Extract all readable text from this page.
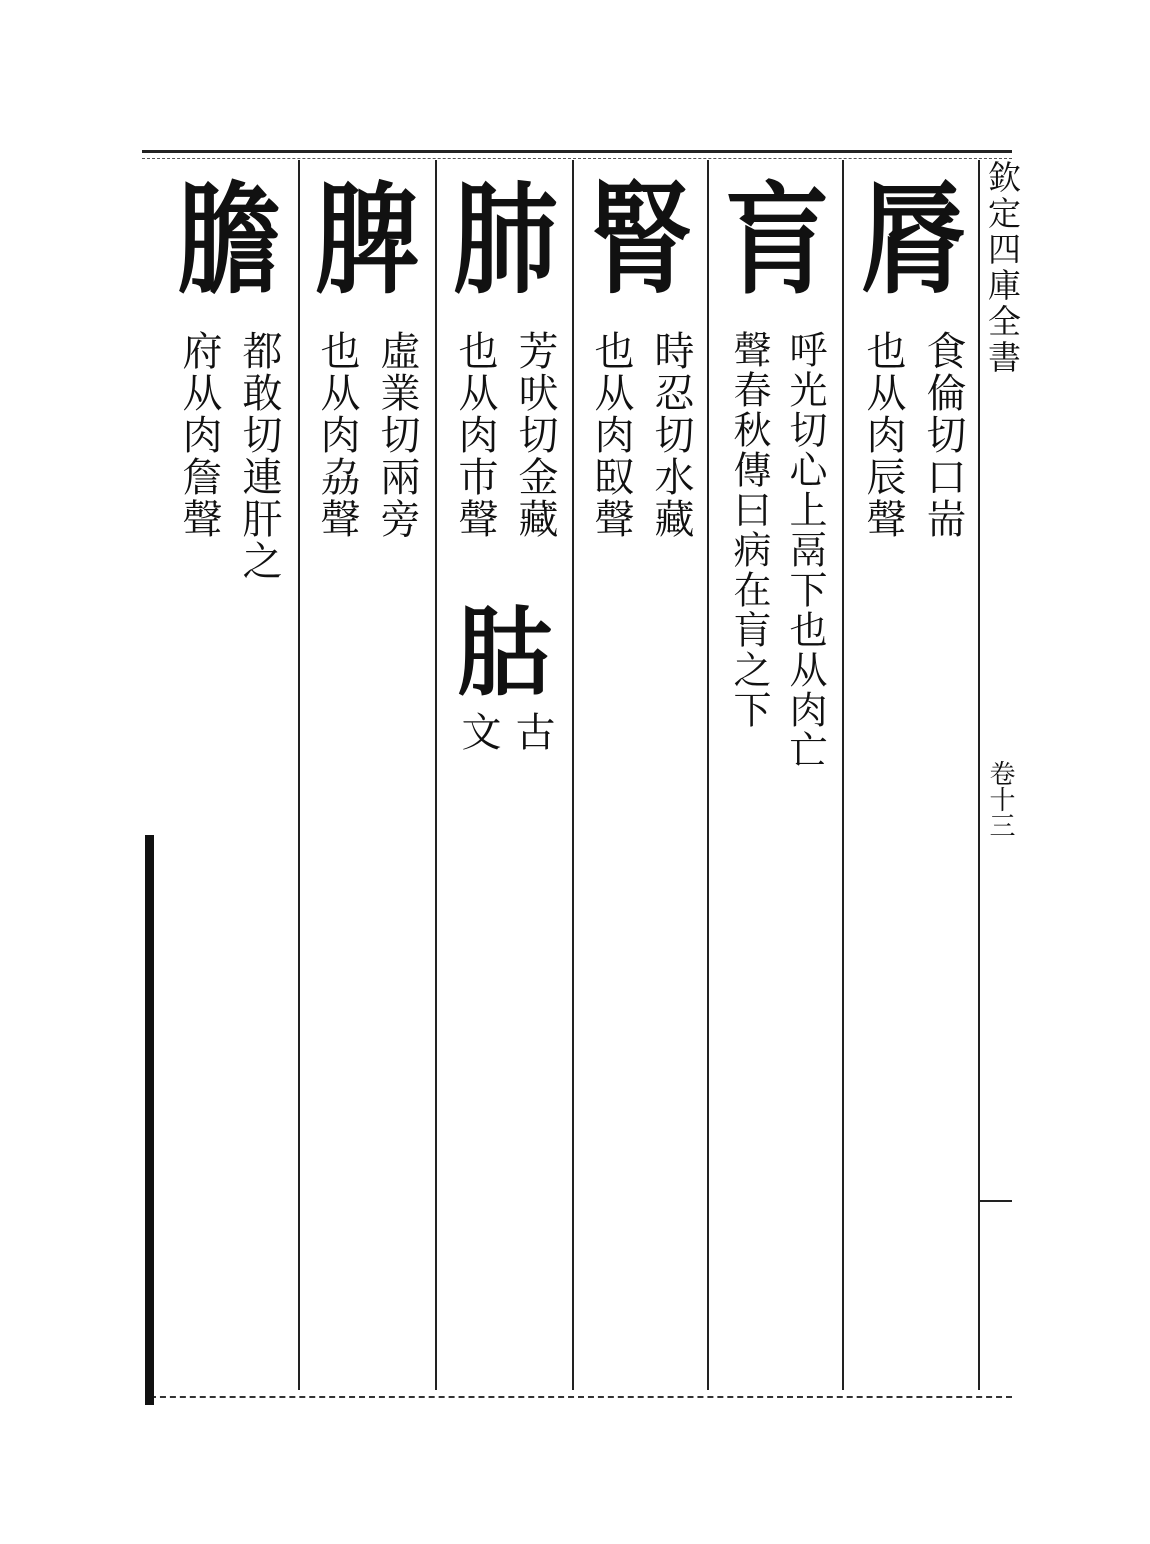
欽定四庫全書
卷十三
脣
食倫切口耑
也从肉辰聲
肓
呼光切心上鬲下也从肉亡
聲春秋傳曰病在肓之下
腎
時忍切水藏
也从肉臤聲
肺
芳吠切金藏
也从肉巿聲
𦙶
古
文
脾
虛業切兩旁
也从肉劦聲
膽
都敢切連肝之
府从肉詹聲
